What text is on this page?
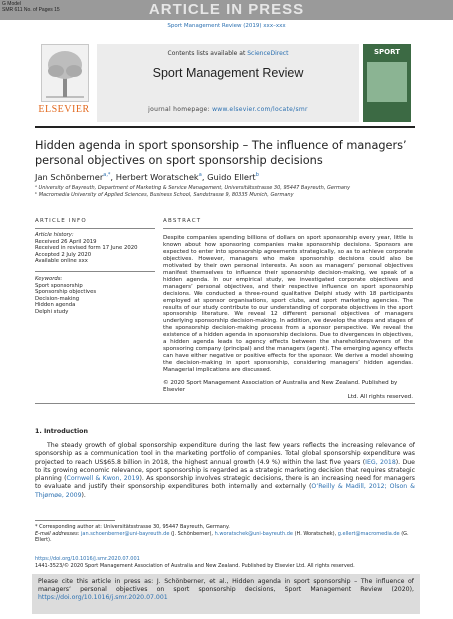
G Model
SMR 611 No. of Pages 15	ARTICLE IN PRESS
Sport Management Review (2019) xxx–xxx
ELSEVIER
Contents lists available at ScienceDirect
Sport Management Review
journal homepage: www.elsevier.com/locate/smr
SPORT
Hidden agenda in sport sponsorship – The influence of managers’ personal objectives on sport sponsorship decisions
Jan Schönberner$^{a,*}$, Herbert Woratschek$^a$, Guido Ellert$^b$
ᵃ University of Bayreuth, Department of Marketing & Service Management, Universitätsstrasse 30, 95447 Bayreuth, Germany
ᵇ Macromedia University of Applied Sciences, Business School, Sandstrasse 9, 80335 Munich, Germany
ARTICLE INFO
Article history:
Received 26 April 2019
Received in revised form 17 June 2020
Accepted 2 July 2020
Available online xxx
Keywords:
Sport sponsorship
Sponsorship objectives
Decision-making
Hidden agenda
Delphi study
ABSTRACT
Despite companies spending billions of dollars on sport sponsorship every year, little is known about how sponsoring companies make sponsorship decisions. Sponsors are expected to enter into sponsorship agreements strategically, so as to achieve corporate objectives. However, managers who make sponsorship decisions could also be motivated by their own personal interests. As soon as managers’ personal objectives manifest themselves to influence their sponsorship decision-making, we speak of a hidden agenda. In our empirical study, we investigated corporate objectives and managers’ personal objectives, and their respective influence on sport sponsorship decisions. We conducted a three-round qualitative Delphi study with 18 participants employed at sponsor organisations, sport clubs, and sport marketing agencies. The results of our study contribute to our understanding of corporate objectives in the sport sponsorship literature. We reveal 12 different personal objectives of managers underlying sponsorship decision-making. In addition, we develop the steps and stages of the sponsorship decision-making process from a sponsor perspective. We reveal the existence of a hidden agenda in sponsorship decisions. Due to divergences in objectives, a hidden agenda leads to agency effects between the shareholders/owners of the sponsoring company (principal) and the managers (agent). The emerging agency effects can have either negative or positive effects for the sponsor. We derive a model showing the decision-making in sport sponsorship, considering managers’ hidden agendas. Managerial implications are discussed.
© 2020 Sport Management Association of Australia and New Zealand. Published by Elsevier
Ltd. All rights reserved.
1. Introduction
The steady growth of global sponsorship expenditure during the last few years reflects the increasing relevance of sponsorship as a communication tool in the marketing portfolio of companies. Total global sponsorship expenditure was projected to reach US$65.8 billion in 2018, the highest annual growth (4.9 %) within the last five years (IEG, 2018). Due to its growing economic relevance, sport sponsorship is regarded as a strategic marketing decision that requires strategic planning (Cornwell & Kwon, 2019). As sponsorship involves strategic decisions, there is an increasing need for managers to evaluate and justify their sponsorship expenditures both internally and externally (O’Reilly & Madill, 2012; Olson & Thjømøe, 2009).
* Corresponding author at: Universitätsstrasse 30, 95447 Bayreuth, Germany.
E-mail addresses: jan.schoenberner@uni-bayreuth.de (J. Schönberner), h.woratschek@uni-bayreuth.de (H. Woratschek), g.ellert@macromedia.de (G. Ellert).
https://doi.org/10.1016/j.smr.2020.07.001
1441-3523/© 2020 Sport Management Association of Australia and New Zealand. Published by Elsevier Ltd. All rights reserved.
Please cite this article in press as: J. Schönberner, et al., Hidden agenda in sport sponsorship – The influence of managers’ personal objectives on sport sponsorship decisions, Sport Management Review (2020), https://doi.org/10.1016/j.smr.2020.07.001
